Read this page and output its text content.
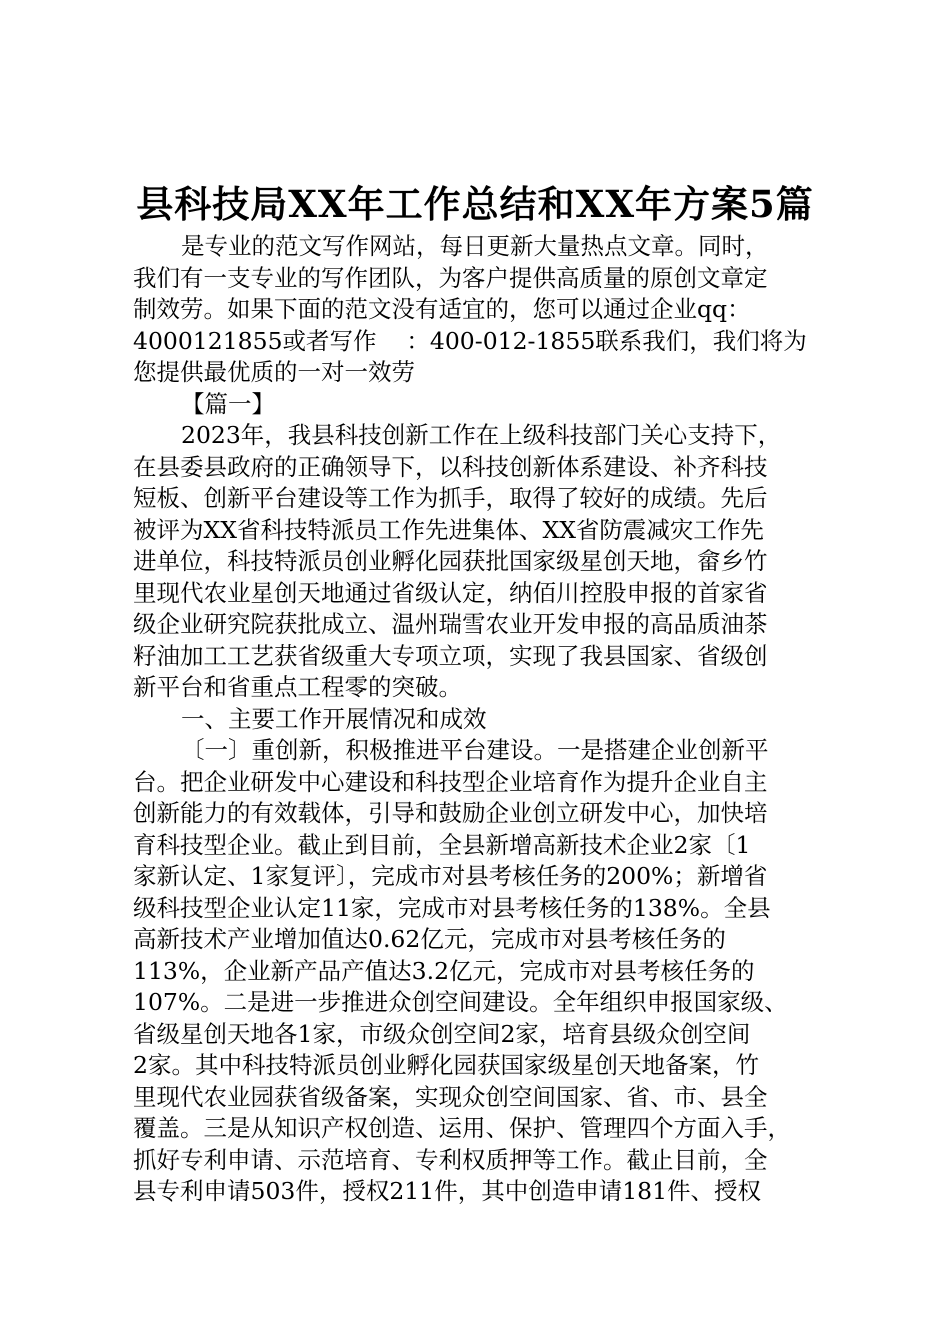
县科技局XX年工作总结和XX年方案5篇
是专业的范文写作网站，每日更新大量热点文章。同时，
我们有一支专业的写作团队，为客户提供高质量的原创文章定
制效劳。如果下面的范文没有适宜的，您可以通过企业qq：
4000121855或者写作    ：400-012-1855联系我们，我们将为
您提供最优质的一对一效劳
【篇一】
2023年，我县科技创新工作在上级科技部门关心支持下，
在县委县政府的正确领导下，以科技创新体系建设、补齐科技
短板、创新平台建设等工作为抓手，取得了较好的成绩。先后
被评为XX省科技特派员工作先进集体、XX省防震减灾工作先
进单位，科技特派员创业孵化园获批国家级星创天地，畲乡竹
里现代农业星创天地通过省级认定，纳佰川控股申报的首家省
级企业研究院获批成立、温州瑞雪农业开发申报的高品质油茶
籽油加工工艺获省级重大专项立项，实现了我县国家、省级创
新平台和省重点工程零的突破。
一、主要工作开展情况和成效
〔一〕重创新，积极推进平台建设。一是搭建企业创新平
台。把企业研发中心建设和科技型企业培育作为提升企业自主
创新能力的有效载体，引导和鼓励企业创立研发中心，加快培
育科技型企业。截止到目前，全县新增高新技术企业2家〔1
家新认定、1家复评〕，完成市对县考核任务的200%；新增省
级科技型企业认定11家，完成市对县考核任务的138%。全县
高新技术产业增加值达0.62亿元，完成市对县考核任务的
113%，企业新产品产值达3.2亿元，完成市对县考核任务的
107%。二是进一步推进众创空间建设。全年组织申报国家级、
省级星创天地各1家，市级众创空间2家，培育县级众创空间
2家。其中科技特派员创业孵化园获国家级星创天地备案，竹
里现代农业园获省级备案，实现众创空间国家、省、市、县全
覆盖。三是从知识产权创造、运用、保护、管理四个方面入手，
抓好专利申请、示范培育、专利权质押等工作。截止目前，全
县专利申请503件，授权211件，其中创造申请181件、授权
